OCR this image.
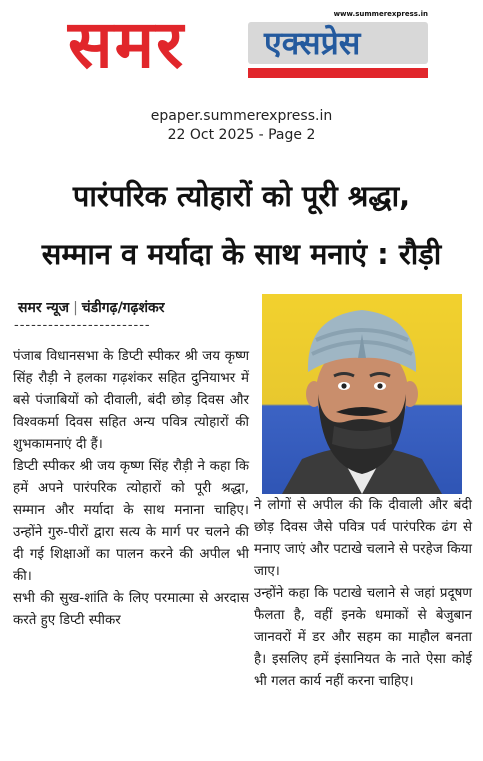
समर	www.summerexpress.in
एक्सप्रेस
epaper.summerexpress.in
22 Oct 2025 - Page 2
पारंपरिक त्योहारों को पूरी श्रद्धा,
सम्मान व मर्यादा के साथ मनाएं : रौड़ी
समर न्यूज | चंडीगढ़/गढ़शंकर
------------------------

पंजाब विधानसभा के डिप्टी स्पीकर श्री जय कृष्ण सिंह रौड़ी ने हलका गढ़शंकर सहित दुनियाभर में बसे पंजाबियों को दीवाली, बंदी छोड़ दिवस और विश्वकर्मा दिवस सहित अन्य पवित्र त्योहारों की शुभकामनाएं दी हैं।

डिप्टी स्पीकर श्री जय कृष्ण सिंह रौड़ी ने कहा कि हमें अपने पारंपरिक त्योहारों को पूरी श्रद्धा, सम्मान और मर्यादा के साथ मनाना चाहिए। उन्होंने गुरु-पीरों द्वारा सत्य के मार्ग पर चलने की दी गई शिक्षाओं का पालन करने की अपील भी की।

सभी की सुख-शांति के लिए परमात्मा से अरदास करते हुए डिप्टी स्पीकर

ने लोगों से अपील की कि दीवाली और बंदी छोड़ दिवस जैसे पवित्र पर्व पारंपरिक ढंग से मनाए जाएं और पटाखे चलाने से परहेज किया जाए।

उन्होंने कहा कि पटाखे चलाने से जहां प्रदूषण फैलता है, वहीं इनके धमाकों से बेजुबान जानवरों में डर और सहम का माहौल बनता है। इसलिए हमें इंसानियत के नाते ऐसा कोई भी गलत कार्य नहीं करना चाहिए।
